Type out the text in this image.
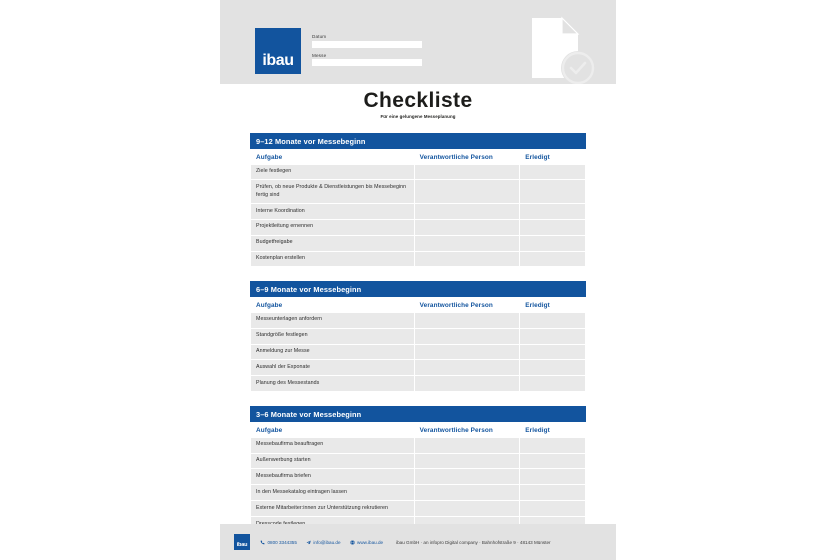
ibau
Datum
Messe
Checkliste
Für eine gelungene Messeplanung
9–12 Monate vor Messebeginn
Aufgabe	Verantwortliche Person	Erledigt
Ziele festlegen		
Prüfen, ob neue Produkte & Dienstleistungen bis Messebeginn fertig sind		
Interne Koordination		
Projektleitung ernennen		
Budgetfreigabe		
Kostenplan erstellen		
6–9 Monate vor Messebeginn
Aufgabe	Verantwortliche Person	Erledigt
Messeunterlagen anfordern		
Standgröße festlegen		
Anmeldung zur Messe		
Auswahl der Exponate		
Planung des Messestands		
3–6 Monate vor Messebeginn
Aufgabe	Verantwortliche Person	Erledigt
Messebaufirma beauftragen		
Außenwerbung starten		
Messebaufirma briefen		
In den Messekatalog eintragen lassen		
Externe Mitarbeiter:innen zur Unterstützung rekrutieren		

ibau	0800 3344355	info@ibau.de	www.ibau.de	ibau GmbH · an infopro Digital company · Bahnhofstraße 9 · 48143 Münster
